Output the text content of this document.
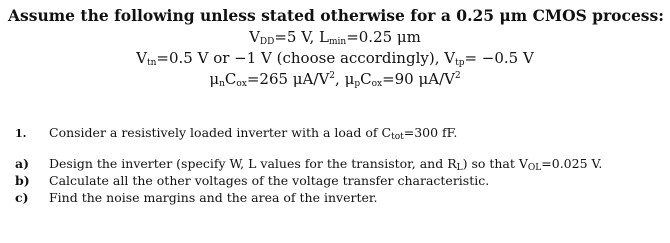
Assume the following unless stated otherwise for a 0.25 μm CMOS process:
$V_{DD}=5$ V, $L_{min}=0.25$ μm
$V_{tn}=0.5$ V or −1 V (choose accordingly), $V_{tp}= -0.5$ V
$\mu_nC_{ox}=265$ $\mu A/V^2$, $\mu_pC_{ox}=90$ $\mu A/V^2$
1. Consider a resistively loaded inverter with a load of $C_{tot}=300$ fF.
a) Design the inverter (specify W, L values for the transistor, and $R_L$) so that $V_{OL}=0.025$ V.
b) Calculate all the other voltages of the voltage transfer characteristic.
c) Find the noise margins and the area of the inverter.
